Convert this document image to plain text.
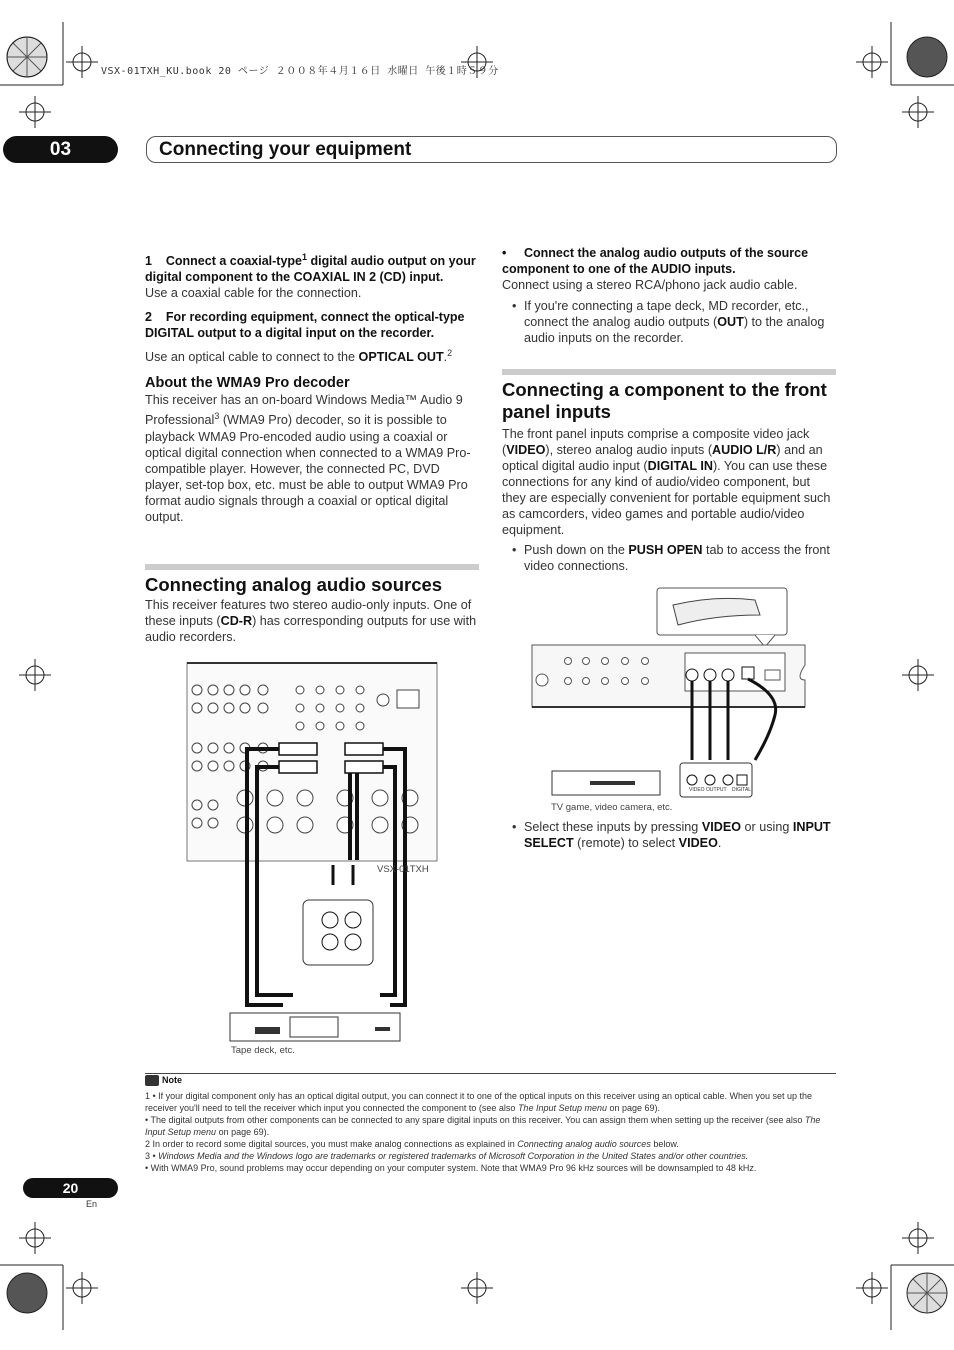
VSX-01TXH_KU.book 20 ページ ２００８年４月１６日 水曜日 午後１時５９分
03	Connecting your equipment
1 Connect a coaxial-type$^1$ digital audio output on your digital component to the COAXIAL IN 2 (CD) input.
Use a coaxial cable for the connection.
2 For recording equipment, connect the optical-type DIGITAL output to a digital input on the recorder.
Use an optical cable to connect to the OPTICAL OUT.$^2$
About the WMA9 Pro decoder
This receiver has an on-board Windows Media™ Audio 9 Professional$^3$ (WMA9 Pro) decoder, so it is possible to playback WMA9 Pro-encoded audio using a coaxial or optical digital connection when connected to a WMA9 Pro-compatible player. However, the connected PC, DVD player, set-top box, etc. must be able to output WMA9 Pro format audio signals through a coaxial or optical digital output.
Connecting analog audio sources
This receiver features two stereo audio-only inputs. One of these inputs (CD-R) has corresponding outputs for use with audio recorders.
VSX-01TXH
Tape deck, etc.
• Connect the analog audio outputs of the source component to one of the AUDIO inputs.
Connect using a stereo RCA/phono jack audio cable.
• If you're connecting a tape deck, MD recorder, etc., connect the analog audio outputs (OUT) to the analog audio inputs on the recorder.
Connecting a component to the front panel inputs
The front panel inputs comprise a composite video jack (VIDEO), stereo analog audio inputs (AUDIO L/R) and an optical digital audio input (DIGITAL IN). You can use these connections for any kind of audio/video component, but they are especially convenient for portable equipment such as camcorders, video games and portable audio/video equipment.
• Push down on the PUSH OPEN tab to access the front video connections.
VIDEO OUTPUT DIGITAL
TV game, video camera, etc.
• Select these inputs by pressing VIDEO or using INPUT SELECT (remote) to select VIDEO.
Note
1 • If your digital component only has an optical digital output, you can connect it to one of the optical inputs on this receiver using an optical cable. When you set up the receiver you'll need to tell the receiver which input you connected the component to (see also The Input Setup menu on page 69).
• The digital outputs from other components can be connected to any spare digital inputs on this receiver. You can assign them when setting up the receiver (see also The Input Setup menu on page 69).
2 In order to record some digital sources, you must make analog connections as explained in Connecting analog audio sources below.
3 • Windows Media and the Windows logo are trademarks or registered trademarks of Microsoft Corporation in the United States and/or other countries.
• With WMA9 Pro, sound problems may occur depending on your computer system. Note that WMA9 Pro 96 kHz sources will be downsampled to 48 kHz.
20
En
